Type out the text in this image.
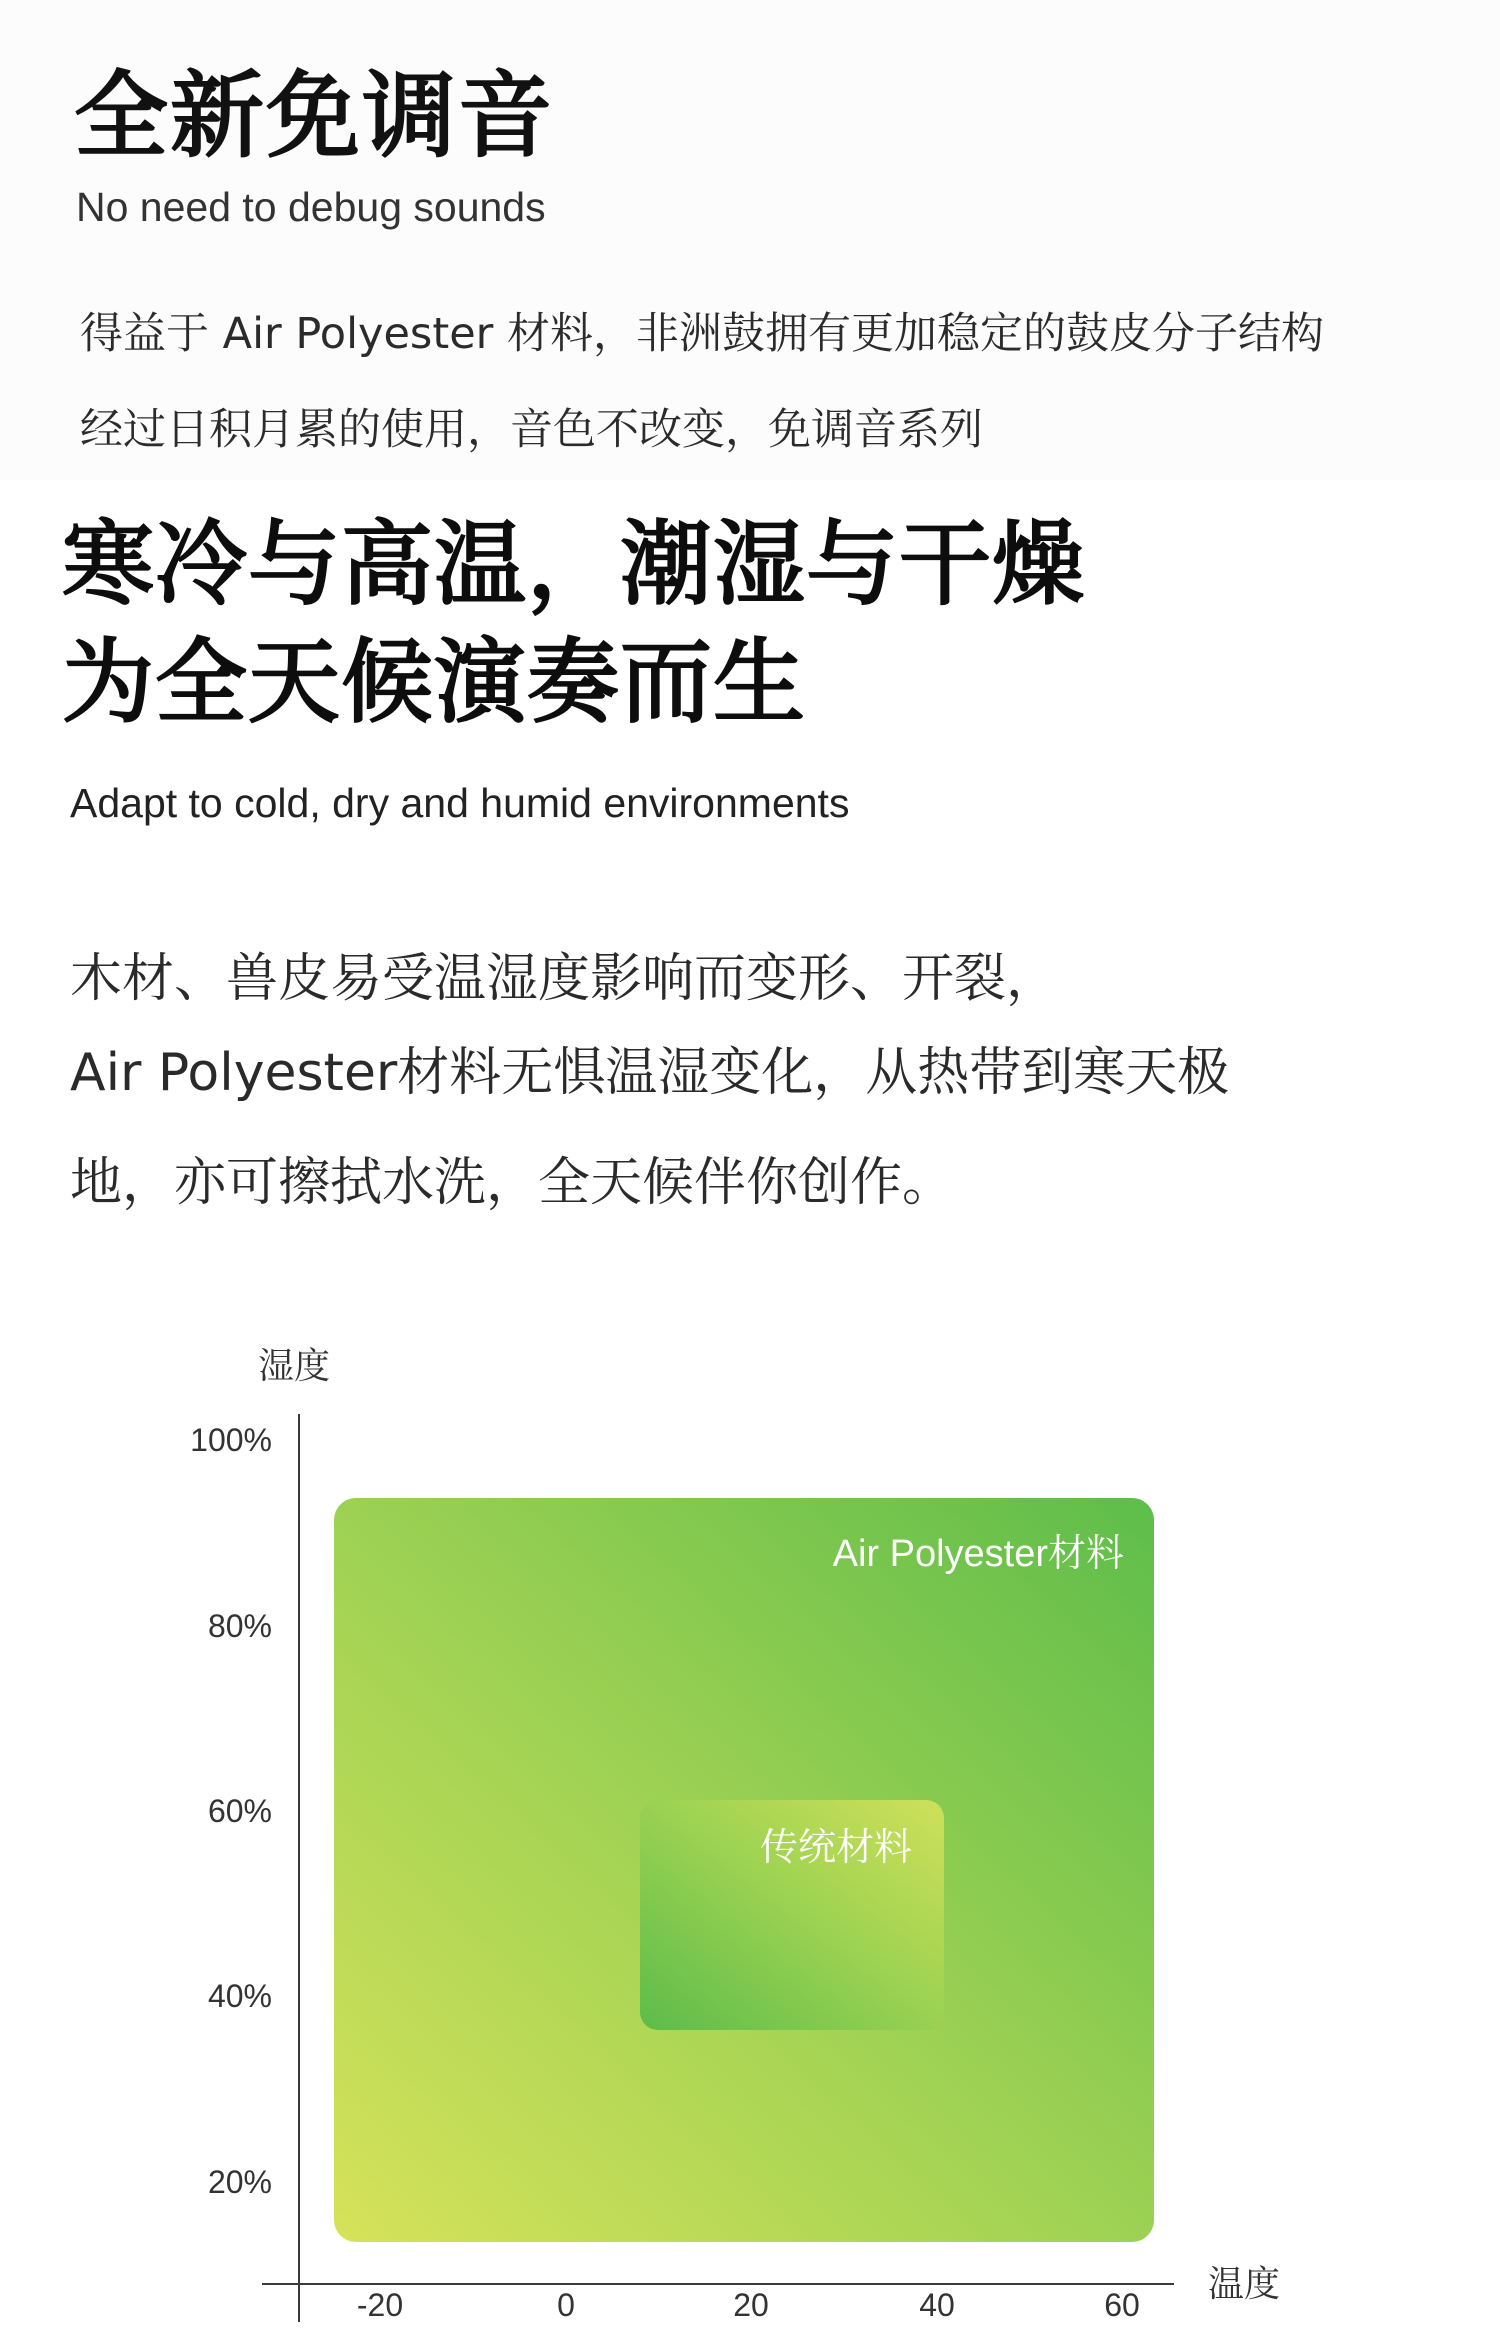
全新免调音
No need to debug sounds
得益于 Air Polyester 材料，非洲鼓拥有更加稳定的鼓皮分子结构
经过日积月累的使用，音色不改变，免调音系列
寒冷与高温，潮湿与干燥
为全天候演奏而生
Adapt to cold, dry and humid environments
木材、兽皮易受温湿度影响而变形、开裂，
Air Polyester材料无惧温湿变化，从热带到寒天极
地，亦可擦拭水洗，全天候伴你创作。
湿度
温度
100%
80%
60%
40%
20%
-20	0	20	40	60
Air Polyester材料
传统材料
